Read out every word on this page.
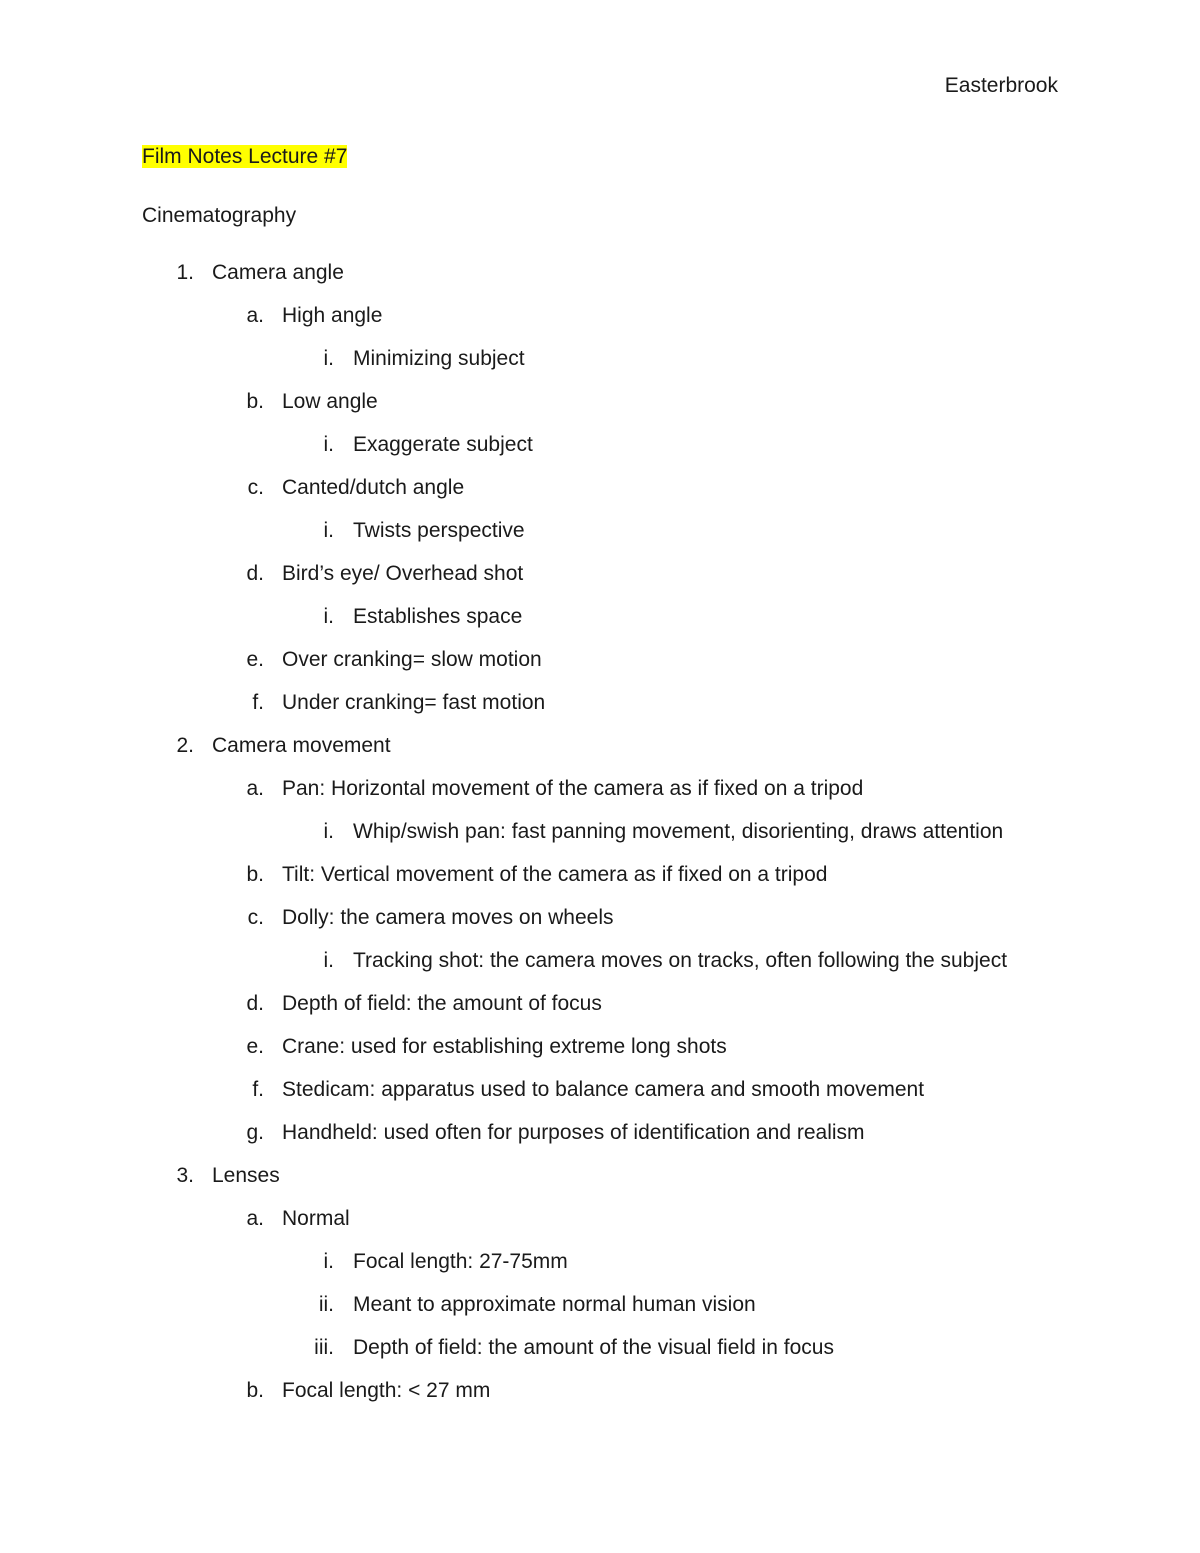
Easterbrook
Film Notes Lecture #7
Cinematography
1. Camera angle
a. High angle
i. Minimizing subject
b. Low angle
i. Exaggerate subject
c. Canted/dutch angle
i. Twists perspective
d. Bird’s eye/ Overhead shot
i. Establishes space
e. Over cranking= slow motion
f. Under cranking= fast motion
2. Camera movement
a. Pan: Horizontal movement of the camera as if fixed on a tripod
i. Whip/swish pan: fast panning movement, disorienting, draws attention
b. Tilt: Vertical movement of the camera as if fixed on a tripod
c. Dolly: the camera moves on wheels
i. Tracking shot: the camera moves on tracks, often following the subject
d. Depth of field: the amount of focus
e. Crane: used for establishing extreme long shots
f. Stedicam: apparatus used to balance camera and smooth movement
g. Handheld: used often for purposes of identification and realism
3. Lenses
a. Normal
i. Focal length: 27-75mm
ii. Meant to approximate normal human vision
iii. Depth of field: the amount of the visual field in focus
b. Focal length: < 27 mm
